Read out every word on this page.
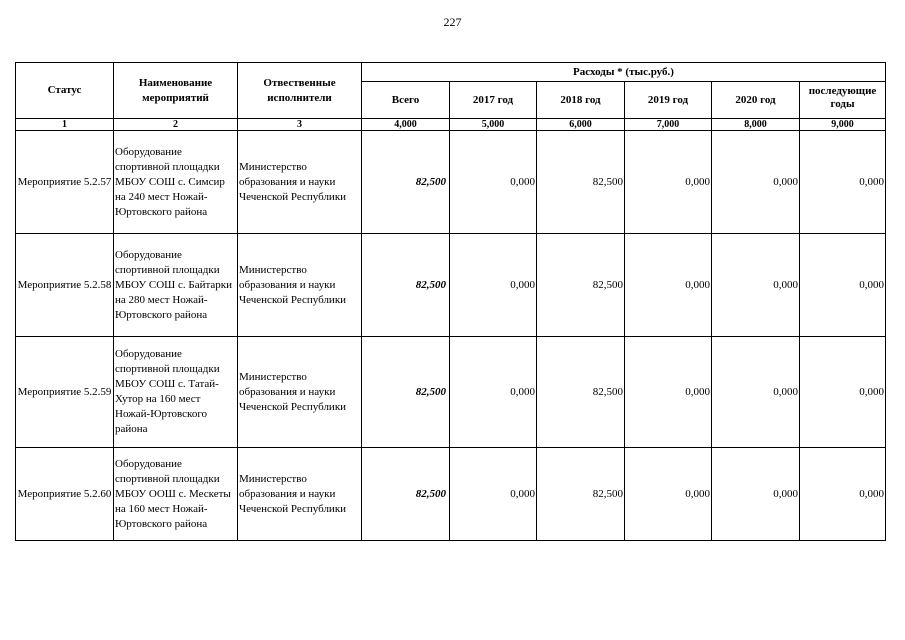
227
Статус	Наименование мероприятий	Отвественные исполнители	Расходы * (тыс.руб.)					
			Всего	2017 год	2018 год	2019 год	2020 год	последующие годы

1	2	3	4,000	5,000	6,000	7,000	8,000	9,000
Мероприятие 5.2.57	Оборудование спортивной площадки МБОУ СОШ с. Симсир на 240 мест Ножай-Юртовского района	Министерство образования и науки Чеченской Республики	82,500	0,000	82,500	0,000	0,000	0,000
Мероприятие 5.2.58	Оборудование спортивной площадки МБОУ СОШ с. Байтарки на 280 мест Ножай-Юртовского района	Министерство образования и науки Чеченской Республики	82,500	0,000	82,500	0,000	0,000	0,000
Мероприятие 5.2.59	Оборудование спортивной площадки МБОУ СОШ с. Татай-Хутор на 160 мест Ножай-Юртовского района	Министерство образования и науки Чеченской Республики	82,500	0,000	82,500	0,000	0,000	0,000
Мероприятие 5.2.60	Оборудование спортивной площадки МБОУ ООШ с. Мескеты на 160 мест Ножай-Юртовского района	Министерство образования и науки Чеченской Республики	82,500	0,000	82,500	0,000	0,000	0,000
